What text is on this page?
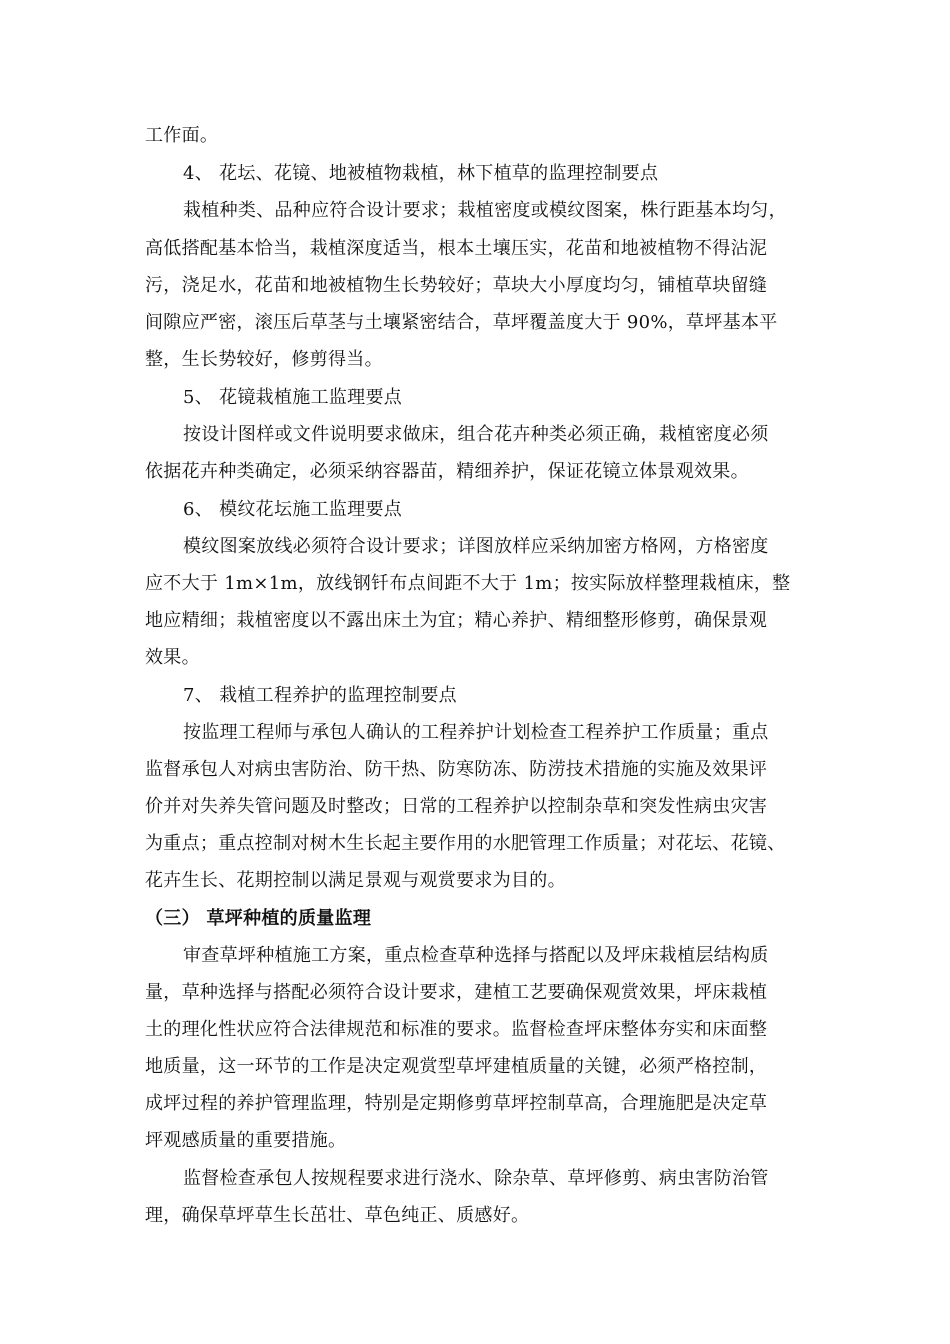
工作面。
4、 花坛、花镜、地被植物栽植，林下植草的监理控制要点
栽植种类、品种应符合设计要求；栽植密度或模纹图案，株行距基本均匀，
高低搭配基本恰当，栽植深度适当，根本土壤压实，花苗和地被植物不得沾泥
污，浇足水，花苗和地被植物生长势较好；草块大小厚度均匀，铺植草块留缝
间隙应严密，滚压后草茎与土壤紧密结合，草坪覆盖度大于 90%，草坪基本平
整，生长势较好，修剪得当。
5、 花镜栽植施工监理要点
按设计图样或文件说明要求做床，组合花卉种类必须正确，栽植密度必须
依据花卉种类确定，必须采纳容器苗，精细养护，保证花镜立体景观效果。
6、 模纹花坛施工监理要点
模纹图案放线必须符合设计要求；详图放样应采纳加密方格网，方格密度
应不大于 1m×1m，放线钢钎布点间距不大于 1m；按实际放样整理栽植床，整
地应精细；栽植密度以不露出床土为宜；精心养护、精细整形修剪，确保景观
效果。
7、 栽植工程养护的监理控制要点
按监理工程师与承包人确认的工程养护计划检查工程养护工作质量；重点
监督承包人对病虫害防治、防干热、防寒防冻、防涝技术措施的实施及效果评
价并对失养失管问题及时整改；日常的工程养护以控制杂草和突发性病虫灾害
为重点；重点控制对树木生长起主要作用的水肥管理工作质量；对花坛、花镜、
花卉生长、花期控制以满足景观与观赏要求为目的。
（三） 草坪种植的质量监理
审查草坪种植施工方案，重点检查草种选择与搭配以及坪床栽植层结构质
量，草种选择与搭配必须符合设计要求，建植工艺要确保观赏效果，坪床栽植
土的理化性状应符合法律规范和标准的要求。监督检查坪床整体夯实和床面整
地质量，这一环节的工作是决定观赏型草坪建植质量的关键，必须严格控制，
成坪过程的养护管理监理，特别是定期修剪草坪控制草高，合理施肥是决定草
坪观感质量的重要措施。
监督检查承包人按规程要求进行浇水、除杂草、草坪修剪、病虫害防治管
理，确保草坪草生长茁壮、草色纯正、质感好。
